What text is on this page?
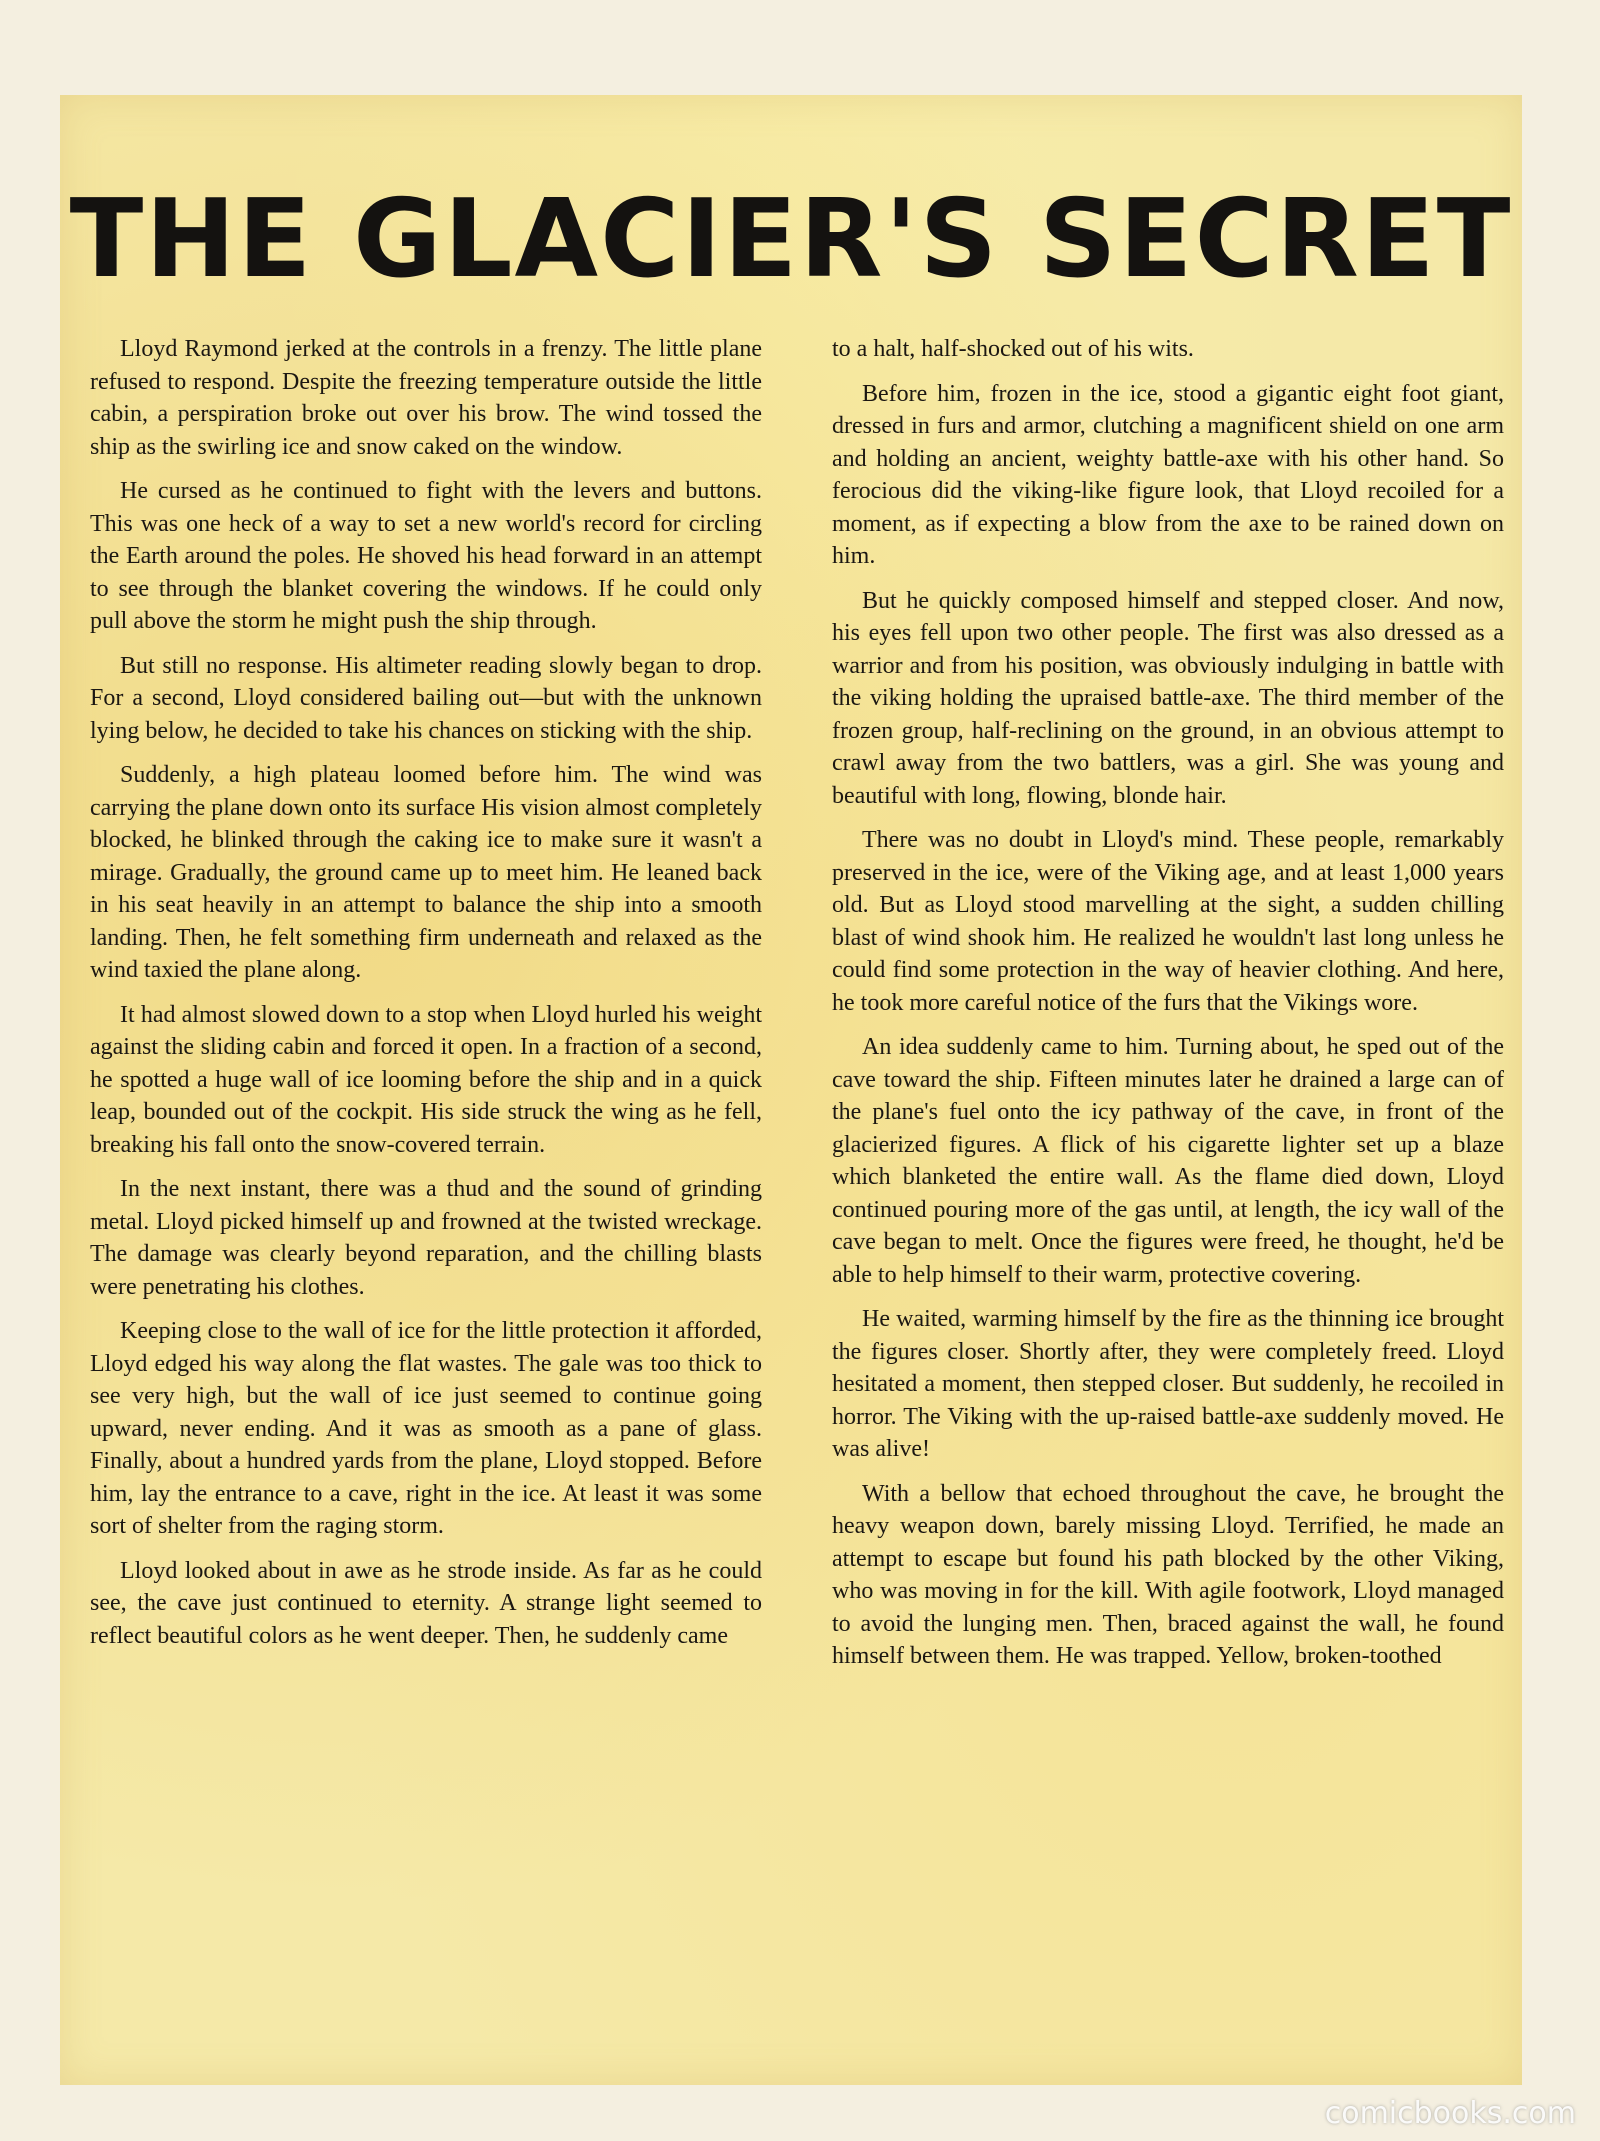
THE GLACIER'S SECRET

Lloyd Raymond jerked at the controls in a frenzy. The little plane refused to respond. Despite the freezing temperature outside the little cabin, a perspiration broke out over his brow. The wind tossed the ship as the swirling ice and snow caked on the window.

He cursed as he continued to fight with the levers and buttons. This was one heck of a way to set a new world's record for circling the Earth around the poles. He shoved his head forward in an attempt to see through the blanket covering the windows. If he could only pull above the storm he might push the ship through.

But still no response. His altimeter reading slowly began to drop. For a second, Lloyd considered bailing out—but with the unknown lying below, he decided to take his chances on sticking with the ship.

Suddenly, a high plateau loomed before him. The wind was carrying the plane down onto its surface His vision almost completely blocked, he blinked through the caking ice to make sure it wasn't a mirage. Gradually, the ground came up to meet him. He leaned back in his seat heavily in an attempt to balance the ship into a smooth landing. Then, he felt something firm underneath and relaxed as the wind taxied the plane along.

It had almost slowed down to a stop when Lloyd hurled his weight against the sliding cabin and forced it open. In a fraction of a second, he spotted a huge wall of ice looming before the ship and in a quick leap, bounded out of the cockpit. His side struck the wing as he fell, breaking his fall onto the snow-covered terrain.

In the next instant, there was a thud and the sound of grinding metal. Lloyd picked himself up and frowned at the twisted wreckage. The damage was clearly beyond reparation, and the chilling blasts were penetrating his clothes.

Keeping close to the wall of ice for the little protection it afforded, Lloyd edged his way along the flat wastes. The gale was too thick to see very high, but the wall of ice just seemed to continue going upward, never ending. And it was as smooth as a pane of glass. Finally, about a hundred yards from the plane, Lloyd stopped. Before him, lay the entrance to a cave, right in the ice. At least it was some sort of shelter from the raging storm.

Lloyd looked about in awe as he strode inside. As far as he could see, the cave just continued to eternity. A strange light seemed to reflect beautiful colors as he went deeper. Then, he suddenly came

to a halt, half-shocked out of his wits.

Before him, frozen in the ice, stood a gigantic eight foot giant, dressed in furs and armor, clutching a magnificent shield on one arm and holding an ancient, weighty battle-axe with his other hand. So ferocious did the viking-like figure look, that Lloyd recoiled for a moment, as if expecting a blow from the axe to be rained down on him.

But he quickly composed himself and stepped closer. And now, his eyes fell upon two other people. The first was also dressed as a warrior and from his position, was obviously indulging in battle with the viking holding the upraised battle-axe. The third member of the frozen group, half-reclining on the ground, in an obvious attempt to crawl away from the two battlers, was a girl. She was young and beautiful with long, flowing, blonde hair.

There was no doubt in Lloyd's mind. These people, remarkably preserved in the ice, were of the Viking age, and at least 1,000 years old. But as Lloyd stood marvelling at the sight, a sudden chilling blast of wind shook him. He realized he wouldn't last long unless he could find some protection in the way of heavier clothing. And here, he took more careful notice of the furs that the Vikings wore.

An idea suddenly came to him. Turning about, he sped out of the cave toward the ship. Fifteen minutes later he drained a large can of the plane's fuel onto the icy pathway of the cave, in front of the glacierized figures. A flick of his cigarette lighter set up a blaze which blanketed the entire wall. As the flame died down, Lloyd continued pouring more of the gas until, at length, the icy wall of the cave began to melt. Once the figures were freed, he thought, he'd be able to help himself to their warm, protective covering.

He waited, warming himself by the fire as the thinning ice brought the figures closer. Shortly after, they were completely freed. Lloyd hesitated a moment, then stepped closer. But suddenly, he recoiled in horror. The Viking with the up-raised battle-axe suddenly moved. He was alive!

With a bellow that echoed throughout the cave, he brought the heavy weapon down, barely missing Lloyd. Terrified, he made an attempt to escape but found his path blocked by the other Viking, who was moving in for the kill. With agile footwork, Lloyd managed to avoid the lunging men. Then, braced against the wall, he found himself between them. He was trapped. Yellow, broken-toothed

comicbooks.com
